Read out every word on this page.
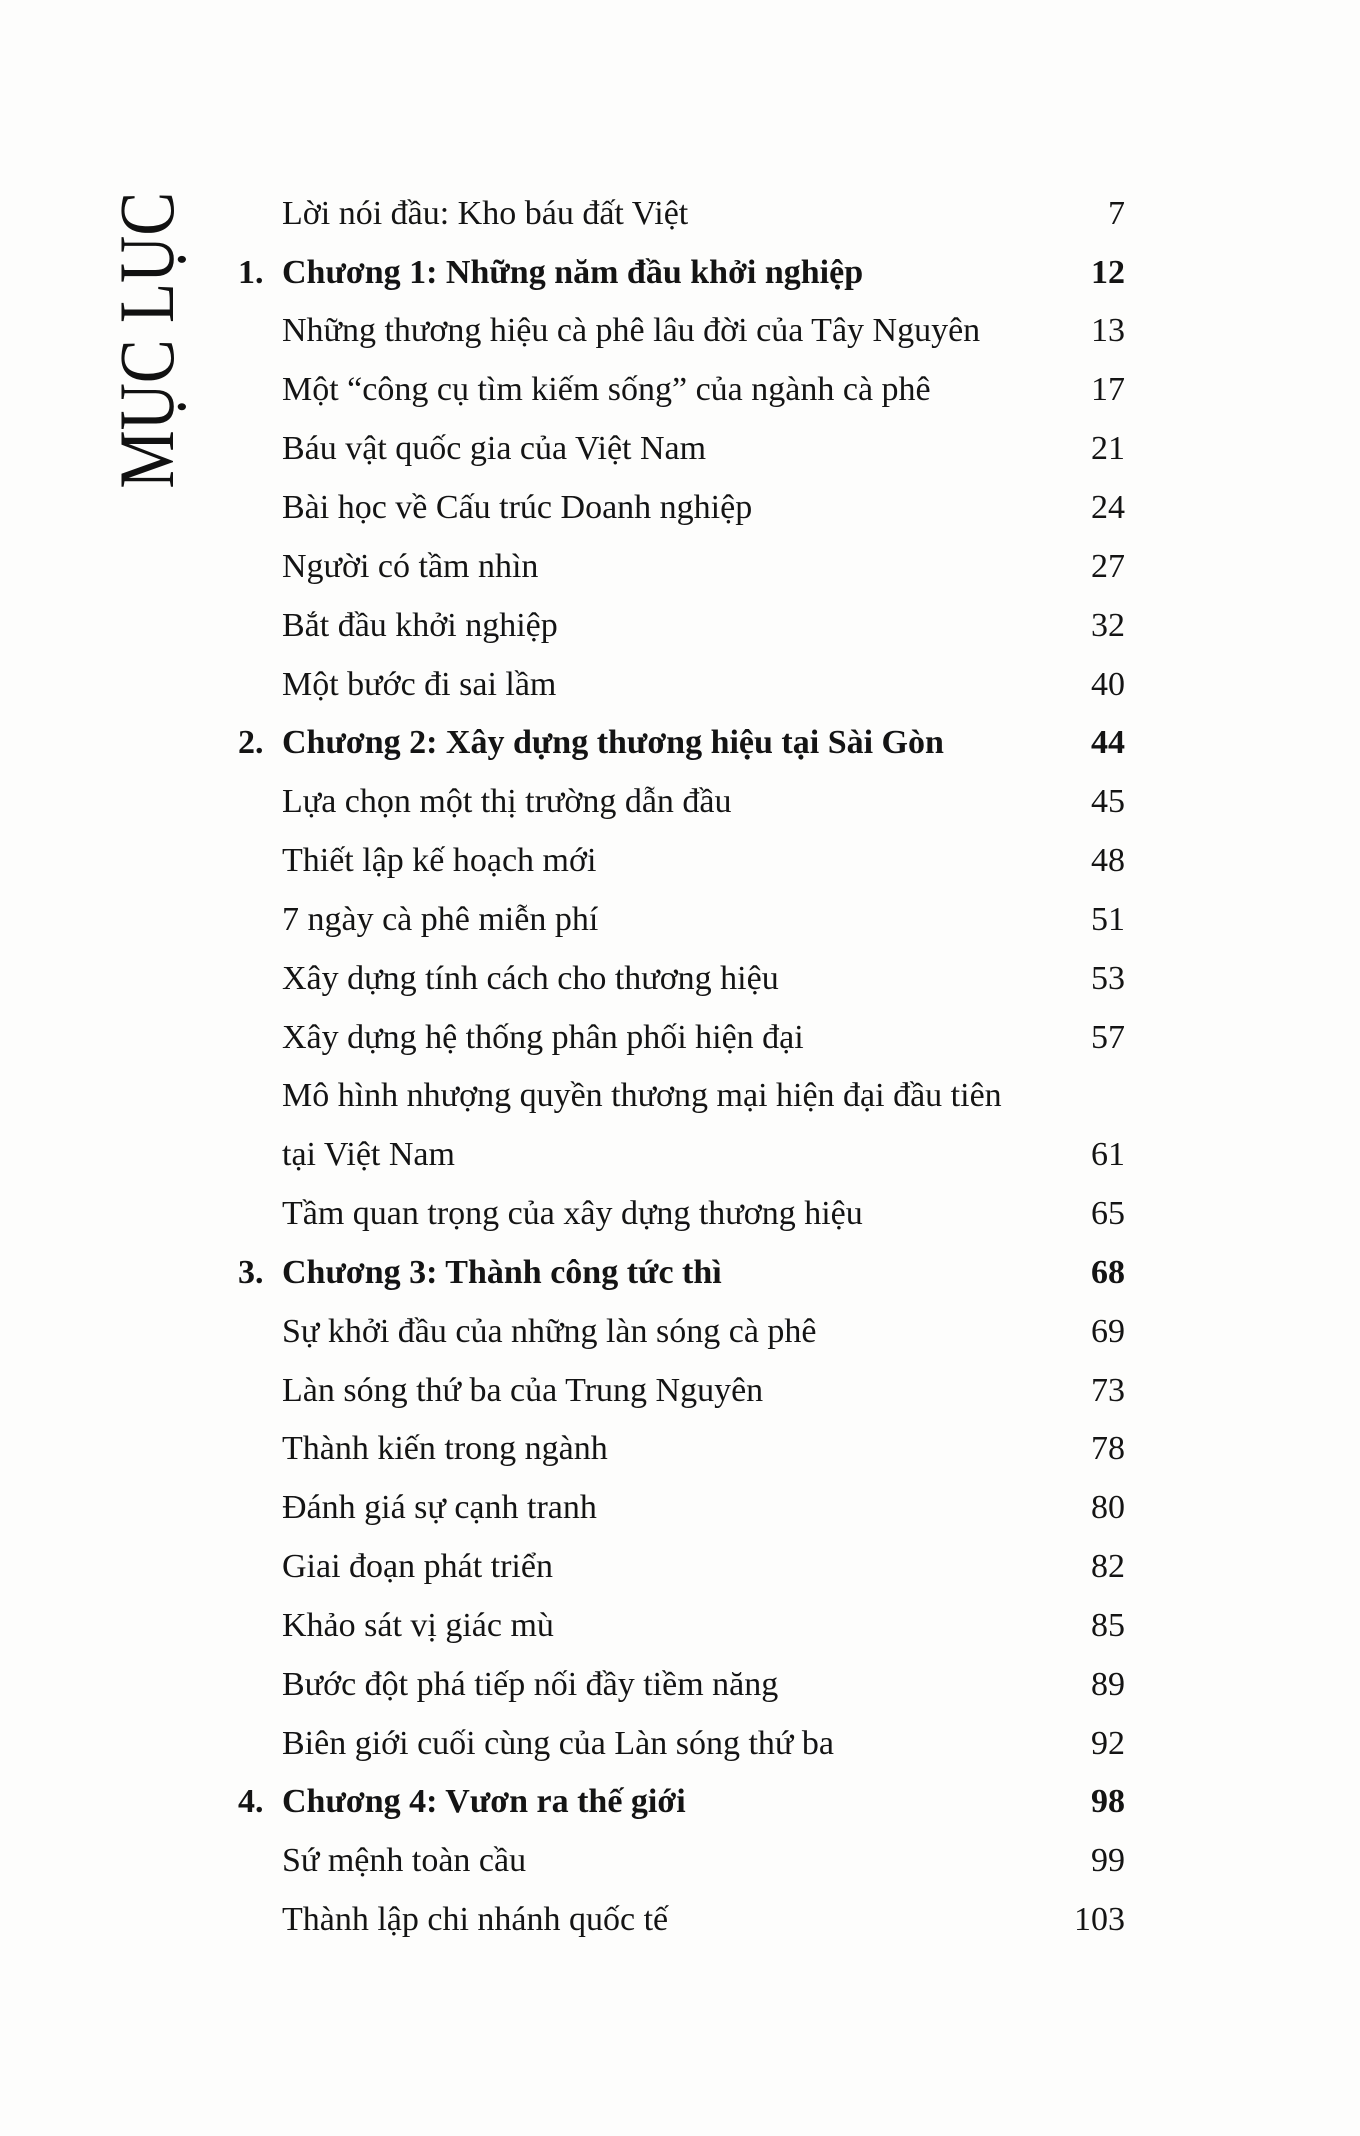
MỤC LỤC	Lời nói đầu: Kho báu đất Việt	7
1. Chương 1: Những năm đầu khởi nghiệp	12
Những thương hiệu cà phê lâu đời của Tây Nguyên	13
Một “công cụ tìm kiếm sống” của ngành cà phê	17
Báu vật quốc gia của Việt Nam	21
Bài học về Cấu trúc Doanh nghiệp	24
Người có tầm nhìn	27
Bắt đầu khởi nghiệp	32
Một bước đi sai lầm	40
2. Chương 2: Xây dựng thương hiệu tại Sài Gòn	44
Lựa chọn một thị trường dẫn đầu	45
Thiết lập kế hoạch mới	48
7 ngày cà phê miễn phí	51
Xây dựng tính cách cho thương hiệu	53
Xây dựng hệ thống phân phối hiện đại	57
Mô hình nhượng quyền thương mại hiện đại đầu tiên
tại Việt Nam	61
Tầm quan trọng của xây dựng thương hiệu	65
3. Chương 3: Thành công tức thì	68
Sự khởi đầu của những làn sóng cà phê	69
Làn sóng thứ ba của Trung Nguyên	73
Thành kiến trong ngành	78
Đánh giá sự cạnh tranh	80
Giai đoạn phát triển	82
Khảo sát vị giác mù	85
Bước đột phá tiếp nối đầy tiềm năng	89
Biên giới cuối cùng của Làn sóng thứ ba	92
4. Chương 4: Vươn ra thế giới	98
Sứ mệnh toàn cầu	99
Thành lập chi nhánh quốc tế	103
